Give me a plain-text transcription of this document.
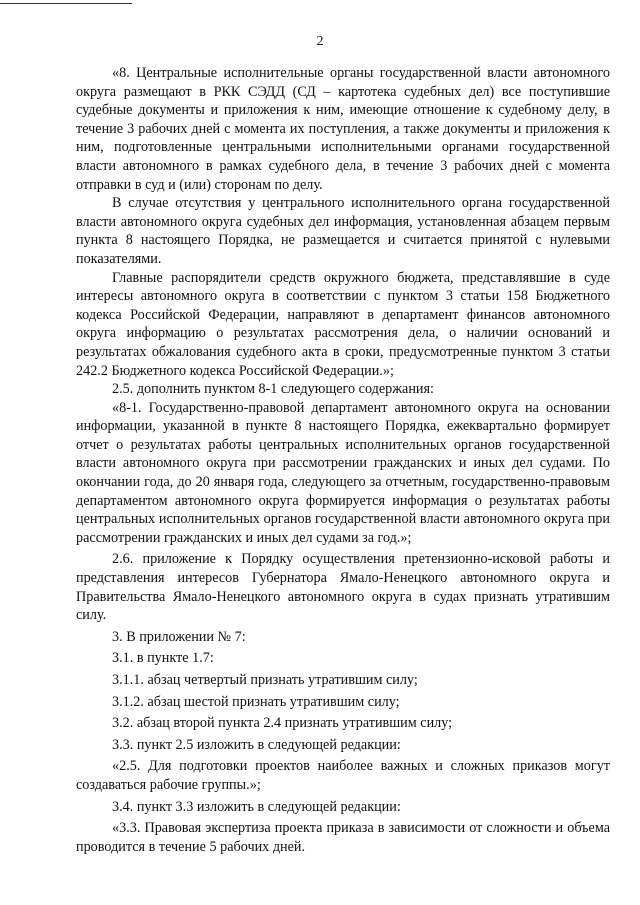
2

«8. Центральные исполнительные органы государственной власти автономного округа размещают в РКК СЭДД (СД – картотека судебных дел) все поступившие судебные документы и приложения к ним, имеющие отношение к судебному делу, в течение 3 рабочих дней с момента их поступления, а также документы и приложения к ним, подготовленные центральными исполнительными органами государственной власти автономного в рамках судебного дела, в течение 3 рабочих дней с момента отправки в суд и (или) сторонам по делу.

В случае отсутствия у центрального исполнительного органа государственной власти автономного округа судебных дел информация, установленная абзацем первым пункта 8 настоящего Порядка, не размещается и считается принятой с нулевыми показателями.

Главные распорядители средств окружного бюджета, представлявшие в суде интересы автономного округа в соответствии с пунктом 3 статьи 158 Бюджетного кодекса Российской Федерации, направляют в департамент финансов автономного округа информацию о результатах рассмотрения дела, о наличии оснований и результатах обжалования судебного акта в сроки, предусмотренные пунктом 3 статьи 242.2 Бюджетного кодекса Российской Федерации.»;

2.5. дополнить пунктом 8-1 следующего содержания:

«8-1. Государственно-правовой департамент автономного округа на основании информации, указанной в пункте 8 настоящего Порядка, ежеквартально формирует отчет о результатах работы центральных исполнительных органов государственной власти автономного округа при рассмотрении гражданских и иных дел судами. По окончании года, до 20 января года, следующего за отчетным, государственно-правовым департаментом автономного округа формируется информация о результатах работы центральных исполнительных органов государственной власти автономного округа при рассмотрении гражданских и иных дел судами за год.»;

2.6. приложение к Порядку осуществления претензионно-исковой работы и представления интересов Губернатора Ямало-Ненецкого автономного округа и Правительства Ямало-Ненецкого автономного округа в судах признать утратившим силу.

3. В приложении № 7:

3.1. в пункте 1.7:

3.1.1. абзац четвертый признать утратившим силу;

3.1.2. абзац шестой признать утратившим силу;

3.2. абзац второй пункта 2.4 признать утратившим силу;

3.3. пункт 2.5 изложить в следующей редакции:

«2.5. Для подготовки проектов наиболее важных и сложных приказов могут создаваться рабочие группы.»;

3.4. пункт 3.3 изложить в следующей редакции:

«3.3. Правовая экспертиза проекта приказа в зависимости от сложности и объема проводится в течение 5 рабочих дней.
